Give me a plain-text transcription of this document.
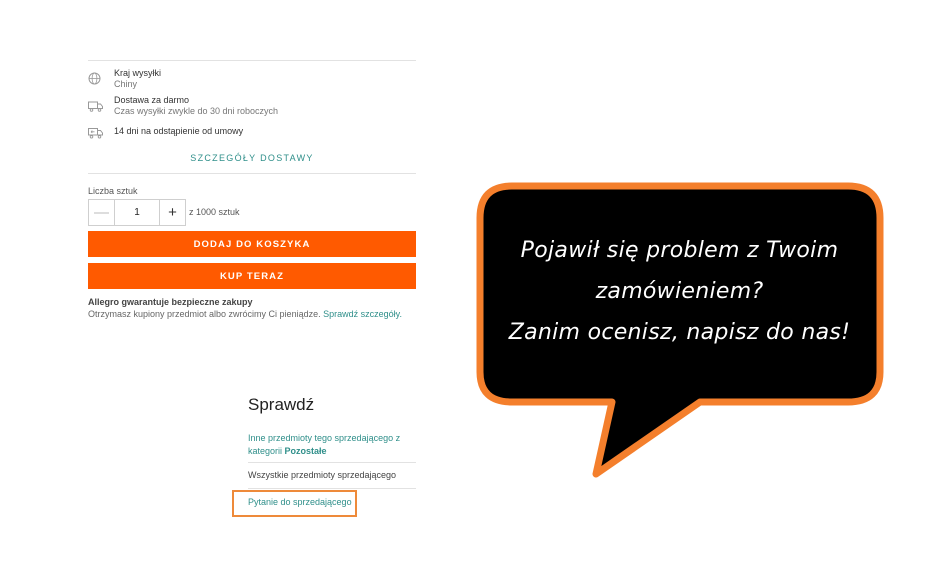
Kraj wysyłki
Chiny
Dostawa za darmo
Czas wysyłki zwykle do 30 dni roboczych
14 dni na odstąpienie od umowy
SZCZEGÓŁY DOSTAWY
Liczba sztuk
—	1	+	z 1000 sztuk
DODAJ DO KOSZYKA
KUP TERAZ
Allegro gwarantuje bezpieczne zakupy
Otrzymasz kupiony przedmiot albo zwrócimy Ci pieniądze. Sprawdź szczegóły.
Sprawdź
Inne przedmioty tego sprzedającego z kategorii Pozostałe
Wszystkie przedmioty sprzedającego
Pytanie do sprzedającego
Pojawił się problem z Twoim
zamówieniem?
Zanim ocenisz, napisz do nas!
